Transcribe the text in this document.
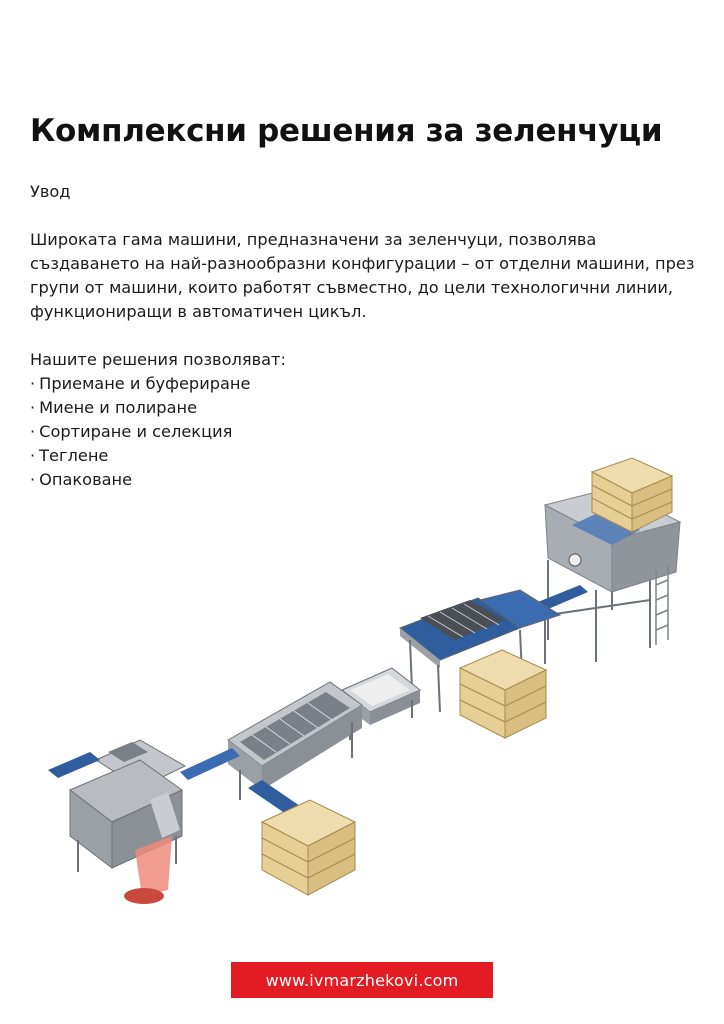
Комплексни решения за зеленчуци

Увод

Широката гама машини, предназначени за зеленчуци, позволява създаването на най-разнообразни конфигурации – от отделни машини, през групи от машини, които работят съвместно, до цели технологични линии, функциониращи в автоматичен цикъл.

Нашите решения позволяват:

· Приемане и буфериране
· Миене и полиране
· Сортиране и селекция
· Теглене
· Опаковане
www.ivmarzhekovi.com
